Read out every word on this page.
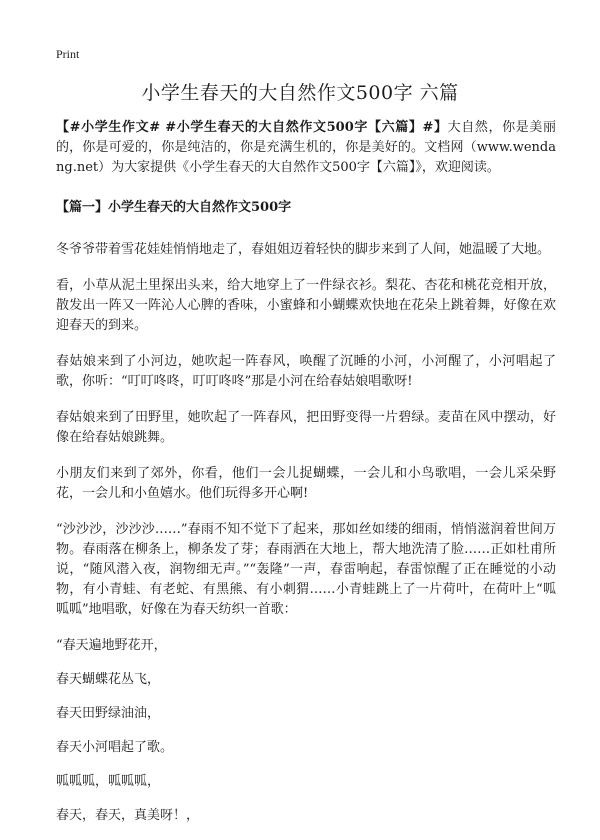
Print
小学生春天的大自然作文500字 六篇

【#小学生作文# #小学生春天的大自然作文500字【六篇】#】大自然，你是美丽的，你是可爱的，你是纯洁的，你是充满生机的，你是美好的。文档网（www.wendang.net）为大家提供《小学生春天的大自然作文500字【六篇】》，欢迎阅读。

【篇一】小学生春天的大自然作文500字

冬爷爷带着雪花娃娃悄悄地走了，春姐姐迈着轻快的脚步来到了人间，她温暖了大地。

看，小草从泥土里探出头来，给大地穿上了一件绿衣衫。梨花、杏花和桃花竞相开放，散发出一阵又一阵沁人心脾的香味，小蜜蜂和小蝴蝶欢快地在花朵上跳着舞，好像在欢迎春天的到来。

春姑娘来到了小河边，她吹起一阵春风，唤醒了沉睡的小河，小河醒了，小河唱起了歌，你听：“叮叮咚咚，叮叮咚咚”那是小河在给春姑娘唱歌呀!

春姑娘来到了田野里，她吹起了一阵春风，把田野变得一片碧绿。麦苗在风中摆动，好像在给春姑娘跳舞。

小朋友们来到了郊外，你看，他们一会儿捉蝴蝶，一会儿和小鸟歌唱，一会儿采朵野花，一会儿和小鱼嬉水。他们玩得多开心啊!

“沙沙沙，沙沙沙……”春雨不知不觉下了起来，那如丝如缕的细雨，悄悄滋润着世间万物。春雨落在柳条上，柳条发了芽；春雨洒在大地上，帮大地洗清了脸……正如杜甫所说，“随风潜入夜，润物细无声。”“轰隆”一声，春雷响起，春雷惊醒了正在睡觉的小动物，有小青蛙、有老蛇、有黑熊、有小刺猬……小青蛙跳上了一片荷叶，在荷叶上“呱呱呱”地唱歌，好像在为春天纺织一首歌：

“春天遍地野花开，

春天蝴蝶花丛飞，

春天田野绿油油，

春天小河唱起了歌。

呱呱呱，呱呱呱，

春天，春天，真美呀！，
